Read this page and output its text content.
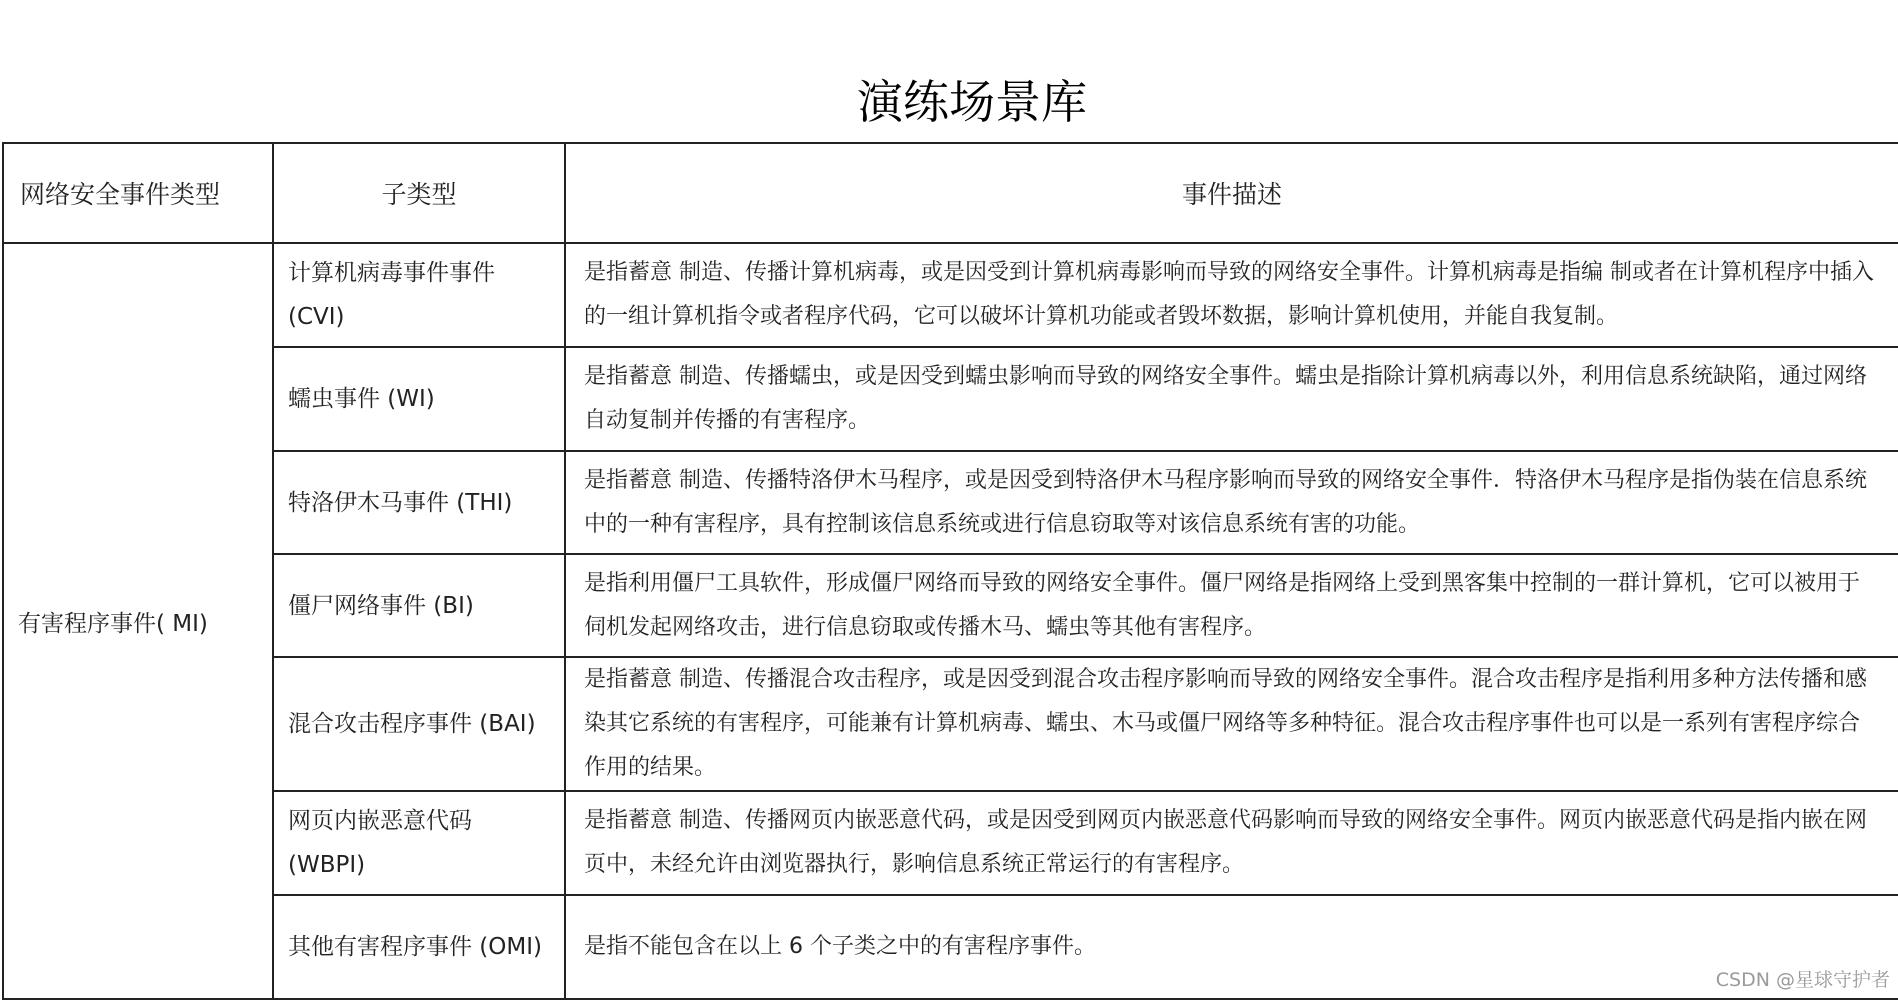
演练场景库
网络安全事件类型	子类型	事件描述
有害程序事件( MI)	计算机病毒事件事件 (CVI)	是指蓄意 制造、传播计算机病毒，或是因受到计算机病毒影响而导致的网络安全事件。计算机病毒是指编 制或者在计算机程序中插入的一组计算机指令或者程序代码，它可以破坏计算机功能或者毁坏数据，影响计算机使用，并能自我复制。
	蠕虫事件 (WI)	是指蓄意 制造、传播蠕虫，或是因受到蠕虫影响而导致的网络安全事件。蠕虫是指除计算机病毒以外，利用信息系统缺陷，通过网络自动复制并传播的有害程序。
	特洛伊木马事件 (THI)	是指蓄意 制造、传播特洛伊木马程序，或是因受到特洛伊木马程序影响而导致的网络安全事件．特洛伊木马程序是指伪装在信息系统中的一种有害程序，具有控制该信息系统或进行信息窃取等对该信息系统有害的功能。
	僵尸网络事件 (BI)	是指利用僵尸工具软件，形成僵尸网络而导致的网络安全事件。僵尸网络是指网络上受到黑客集中控制的一群计算机，它可以被用于伺机发起网络攻击，进行信息窃取或传播木马、蠕虫等其他有害程序。
	混合攻击程序事件 (BAI)	是指蓄意 制造、传播混合攻击程序，或是因受到混合攻击程序影响而导致的网络安全事件。混合攻击程序是指利用多种方法传播和感染其它系统的有害程序，可能兼有计算机病毒、蠕虫、木马或僵尸网络等多种特征。混合攻击程序事件也可以是一系列有害程序综合作用的结果。
	网页内嵌恶意代码 (WBPI)	是指蓄意 制造、传播网页内嵌恶意代码，或是因受到网页内嵌恶意代码影响而导致的网络安全事件。网页内嵌恶意代码是指内嵌在网页中，未经允许由浏览器执行，影响信息系统正常运行的有害程序。
	其他有害程序事件 (OMI)	是指不能包含在以上 6 个子类之中的有害程序事件。
CSDN @星球守护者
